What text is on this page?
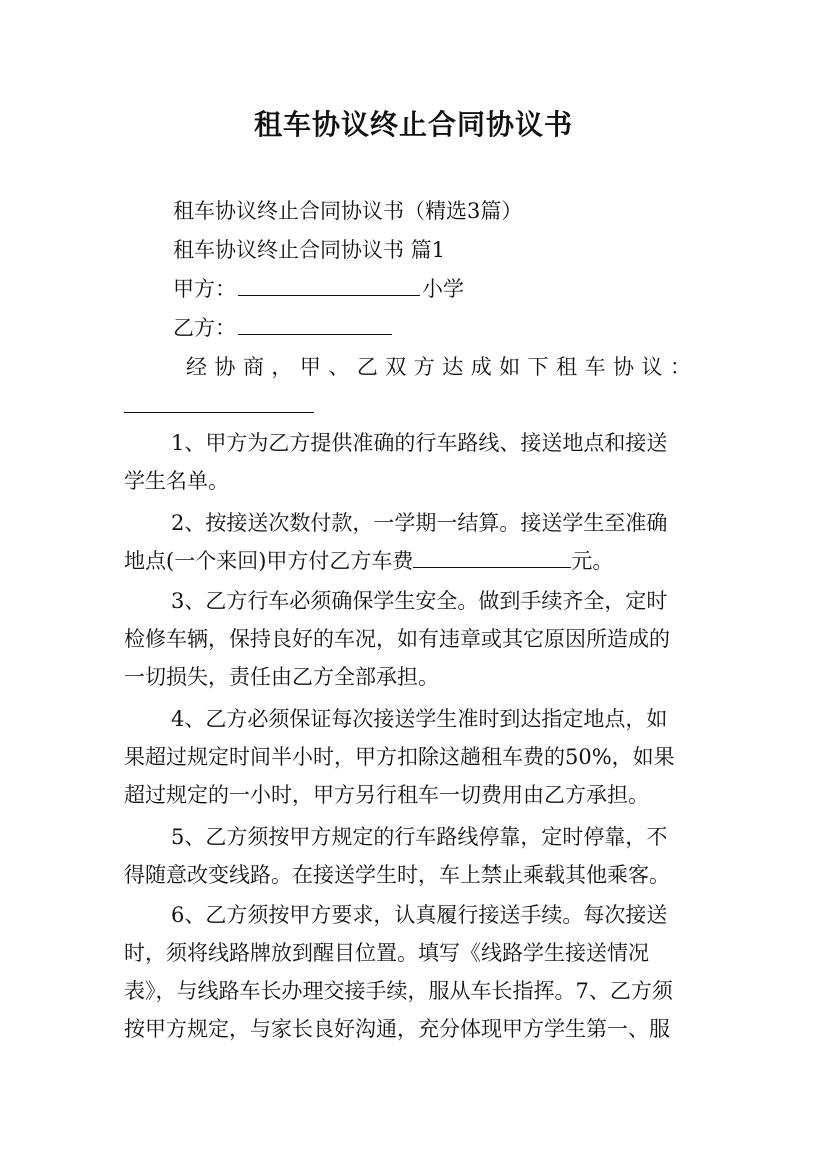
租车协议终止合同协议书
租车协议终止合同协议书（精选3篇）
租车协议终止合同协议书 篇1
甲方：	小学
乙方：
经 协 商 ， 甲 、 乙 双 方 达 成 如 下 租 车 协 议 ：
1、甲方为乙方提供准确的行车路线、接送地点和接送
学生名单。
2、按接送次数付款，一学期一结算。接送学生至准确
地点(一个来回)甲方付乙方车费	元。
3、乙方行车必须确保学生安全。做到手续齐全，定时
检修车辆，保持良好的车况，如有违章或其它原因所造成的
一切损失，责任由乙方全部承担。
4、乙方必须保证每次接送学生准时到达指定地点，如
果超过规定时间半小时，甲方扣除这趟租车费的50%，如果
超过规定的一小时，甲方另行租车一切费用由乙方承担。
5、乙方须按甲方规定的行车路线停靠，定时停靠，不
得随意改变线路。在接送学生时，车上禁止乘载其他乘客。
6、乙方须按甲方要求，认真履行接送手续。每次接送
时，须将线路牌放到醒目位置。填写《线路学生接送情况
表》，与线路车长办理交接手续，服从车长指挥。7、乙方须
按甲方规定，与家长良好沟通，充分体现甲方学生第一、服
